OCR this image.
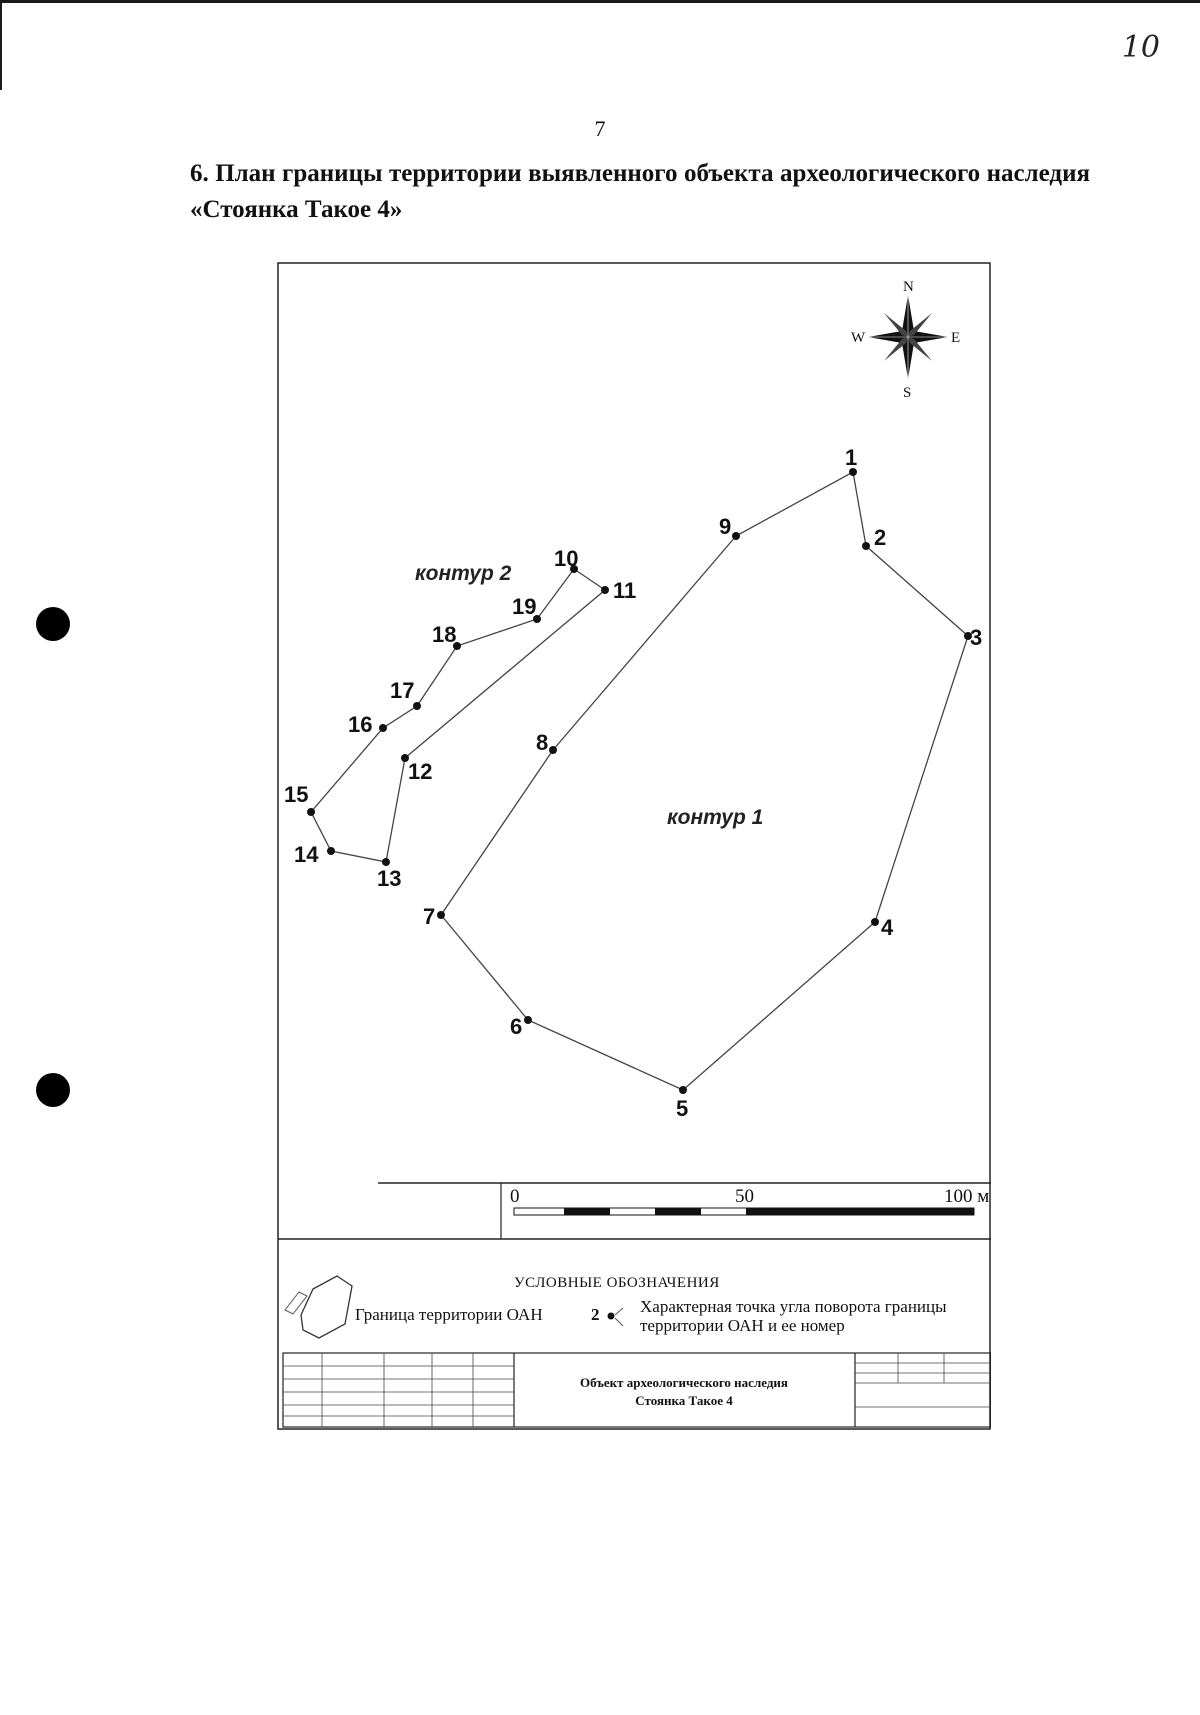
10
7
6. План границы территории выявленного объекта археологического наследия «Стоянка Такое 4»
N
S
E
W
1
2
3
4
5
6
7
8
9
10
11
12
13
14
15
16
17
18
19
контур 1
контур 2
0	50	100 м
УСЛОВНЫЕ ОБОЗНАЧЕНИЯ
Граница территории ОАН	2 Характерная точка угла поворота границы
территории ОАН и ее номер
Объект археологического наследия
Стоянка Такое 4
